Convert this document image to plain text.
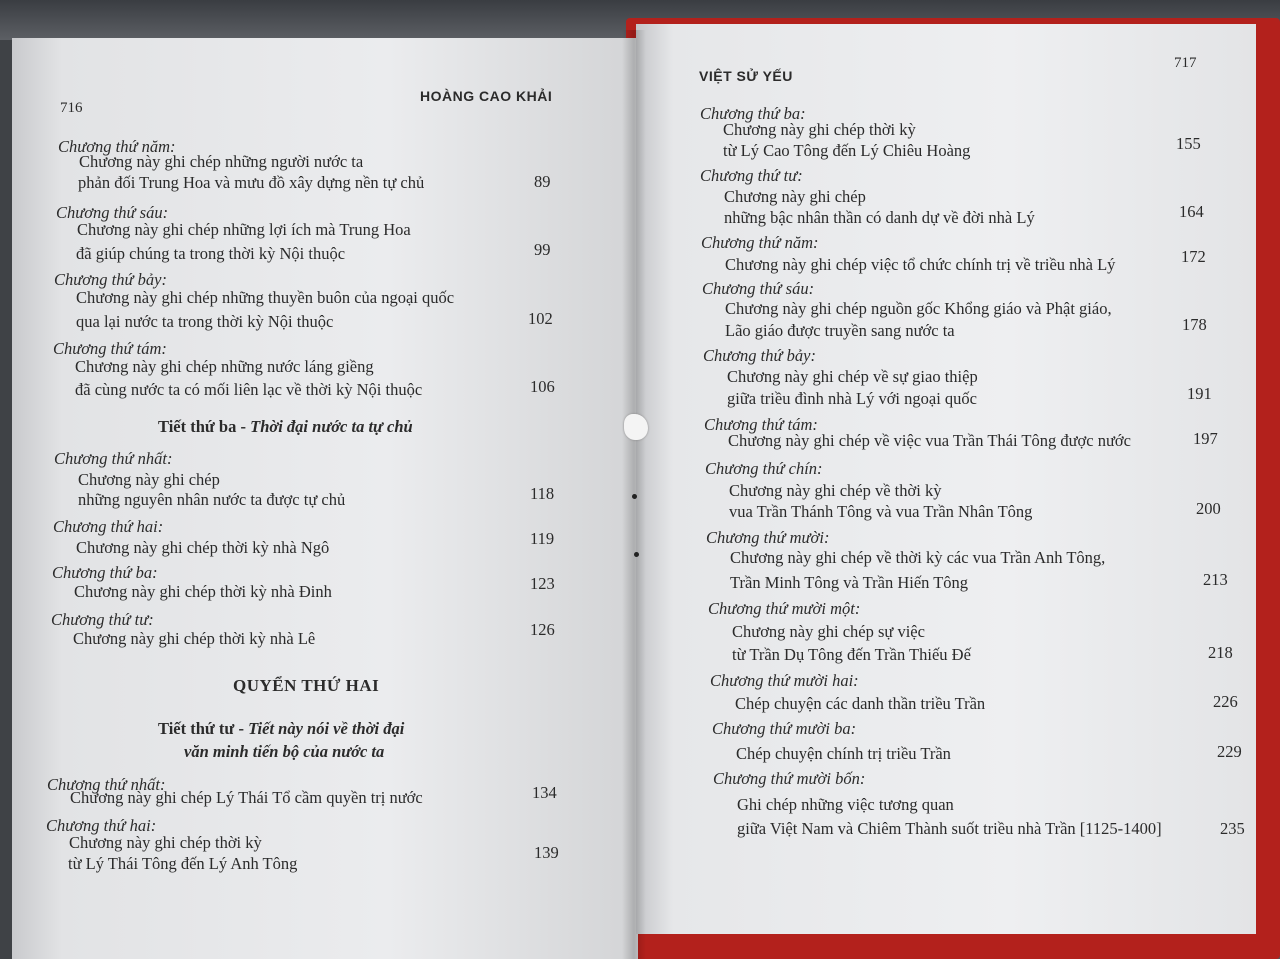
716
HOÀNG CAO KHẢI
Chương thứ năm:
Chương này ghi chép những người nước ta
phản đối Trung Hoa và mưu đồ xây dựng nền tự chủ	89
Chương thứ sáu:
Chương này ghi chép những lợi ích mà Trung Hoa
đã giúp chúng ta trong thời kỳ Nội thuộc	99
Chương thứ bảy:
Chương này ghi chép những thuyền buôn của ngoại quốc
qua lại nước ta trong thời kỳ Nội thuộc	102
Chương thứ tám:
Chương này ghi chép những nước láng giềng
đã cùng nước ta có mối liên lạc về thời kỳ Nội thuộc	106
Tiết thứ ba - Thời đại nước ta tự chủ
Chương thứ nhất:
Chương này ghi chép
những nguyên nhân nước ta được tự chủ	118
Chương thứ hai:
Chương này ghi chép thời kỳ nhà Ngô	119
Chương thứ ba:
Chương này ghi chép thời kỳ nhà Đinh	123
Chương thứ tư:
Chương này ghi chép thời kỳ nhà Lê	126
QUYỂN THỨ HAI
Tiết thứ tư - Tiết này nói về thời đại
văn minh tiến bộ của nước ta
Chương thứ nhất:
Chương này ghi chép Lý Thái Tổ cầm quyền trị nước	134
Chương thứ hai:
Chương này ghi chép thời kỳ
từ Lý Thái Tông đến Lý Anh Tông
139
VIỆT SỬ YẾU
717
Chương thứ ba:
Chương này ghi chép thời kỳ
từ Lý Cao Tông đến Lý Chiêu Hoàng	155
Chương thứ tư:
Chương này ghi chép
những bậc nhân thần có danh dự về đời nhà Lý	164
Chương thứ năm:
Chương này ghi chép việc tổ chức chính trị về triều nhà Lý	172
Chương thứ sáu:
Chương này ghi chép nguồn gốc Khổng giáo và Phật giáo,
Lão giáo được truyền sang nước ta	178
Chương thứ bảy:
Chương này ghi chép về sự giao thiệp
giữa triều đình nhà Lý với ngoại quốc	191
Chương thứ tám:
Chương này ghi chép về việc vua Trần Thái Tông được nước	197
Chương thứ chín:
Chương này ghi chép về thời kỳ
vua Trần Thánh Tông và vua Trần Nhân Tông	200
Chương thứ mười:
Chương này ghi chép về thời kỳ các vua Trần Anh Tông,
Trần Minh Tông và Trần Hiến Tông	213
Chương thứ mười một:
Chương này ghi chép sự việc
từ Trần Dụ Tông đến Trần Thiếu Đế	218
Chương thứ mười hai:
Chép chuyện các danh thần triều Trần	226
Chương thứ mười ba:
Chép chuyện chính trị triều Trần	229
Chương thứ mười bốn:
Ghi chép những việc tương quan
giữa Việt Nam và Chiêm Thành suốt triều nhà Trần [1125-1400]	235
